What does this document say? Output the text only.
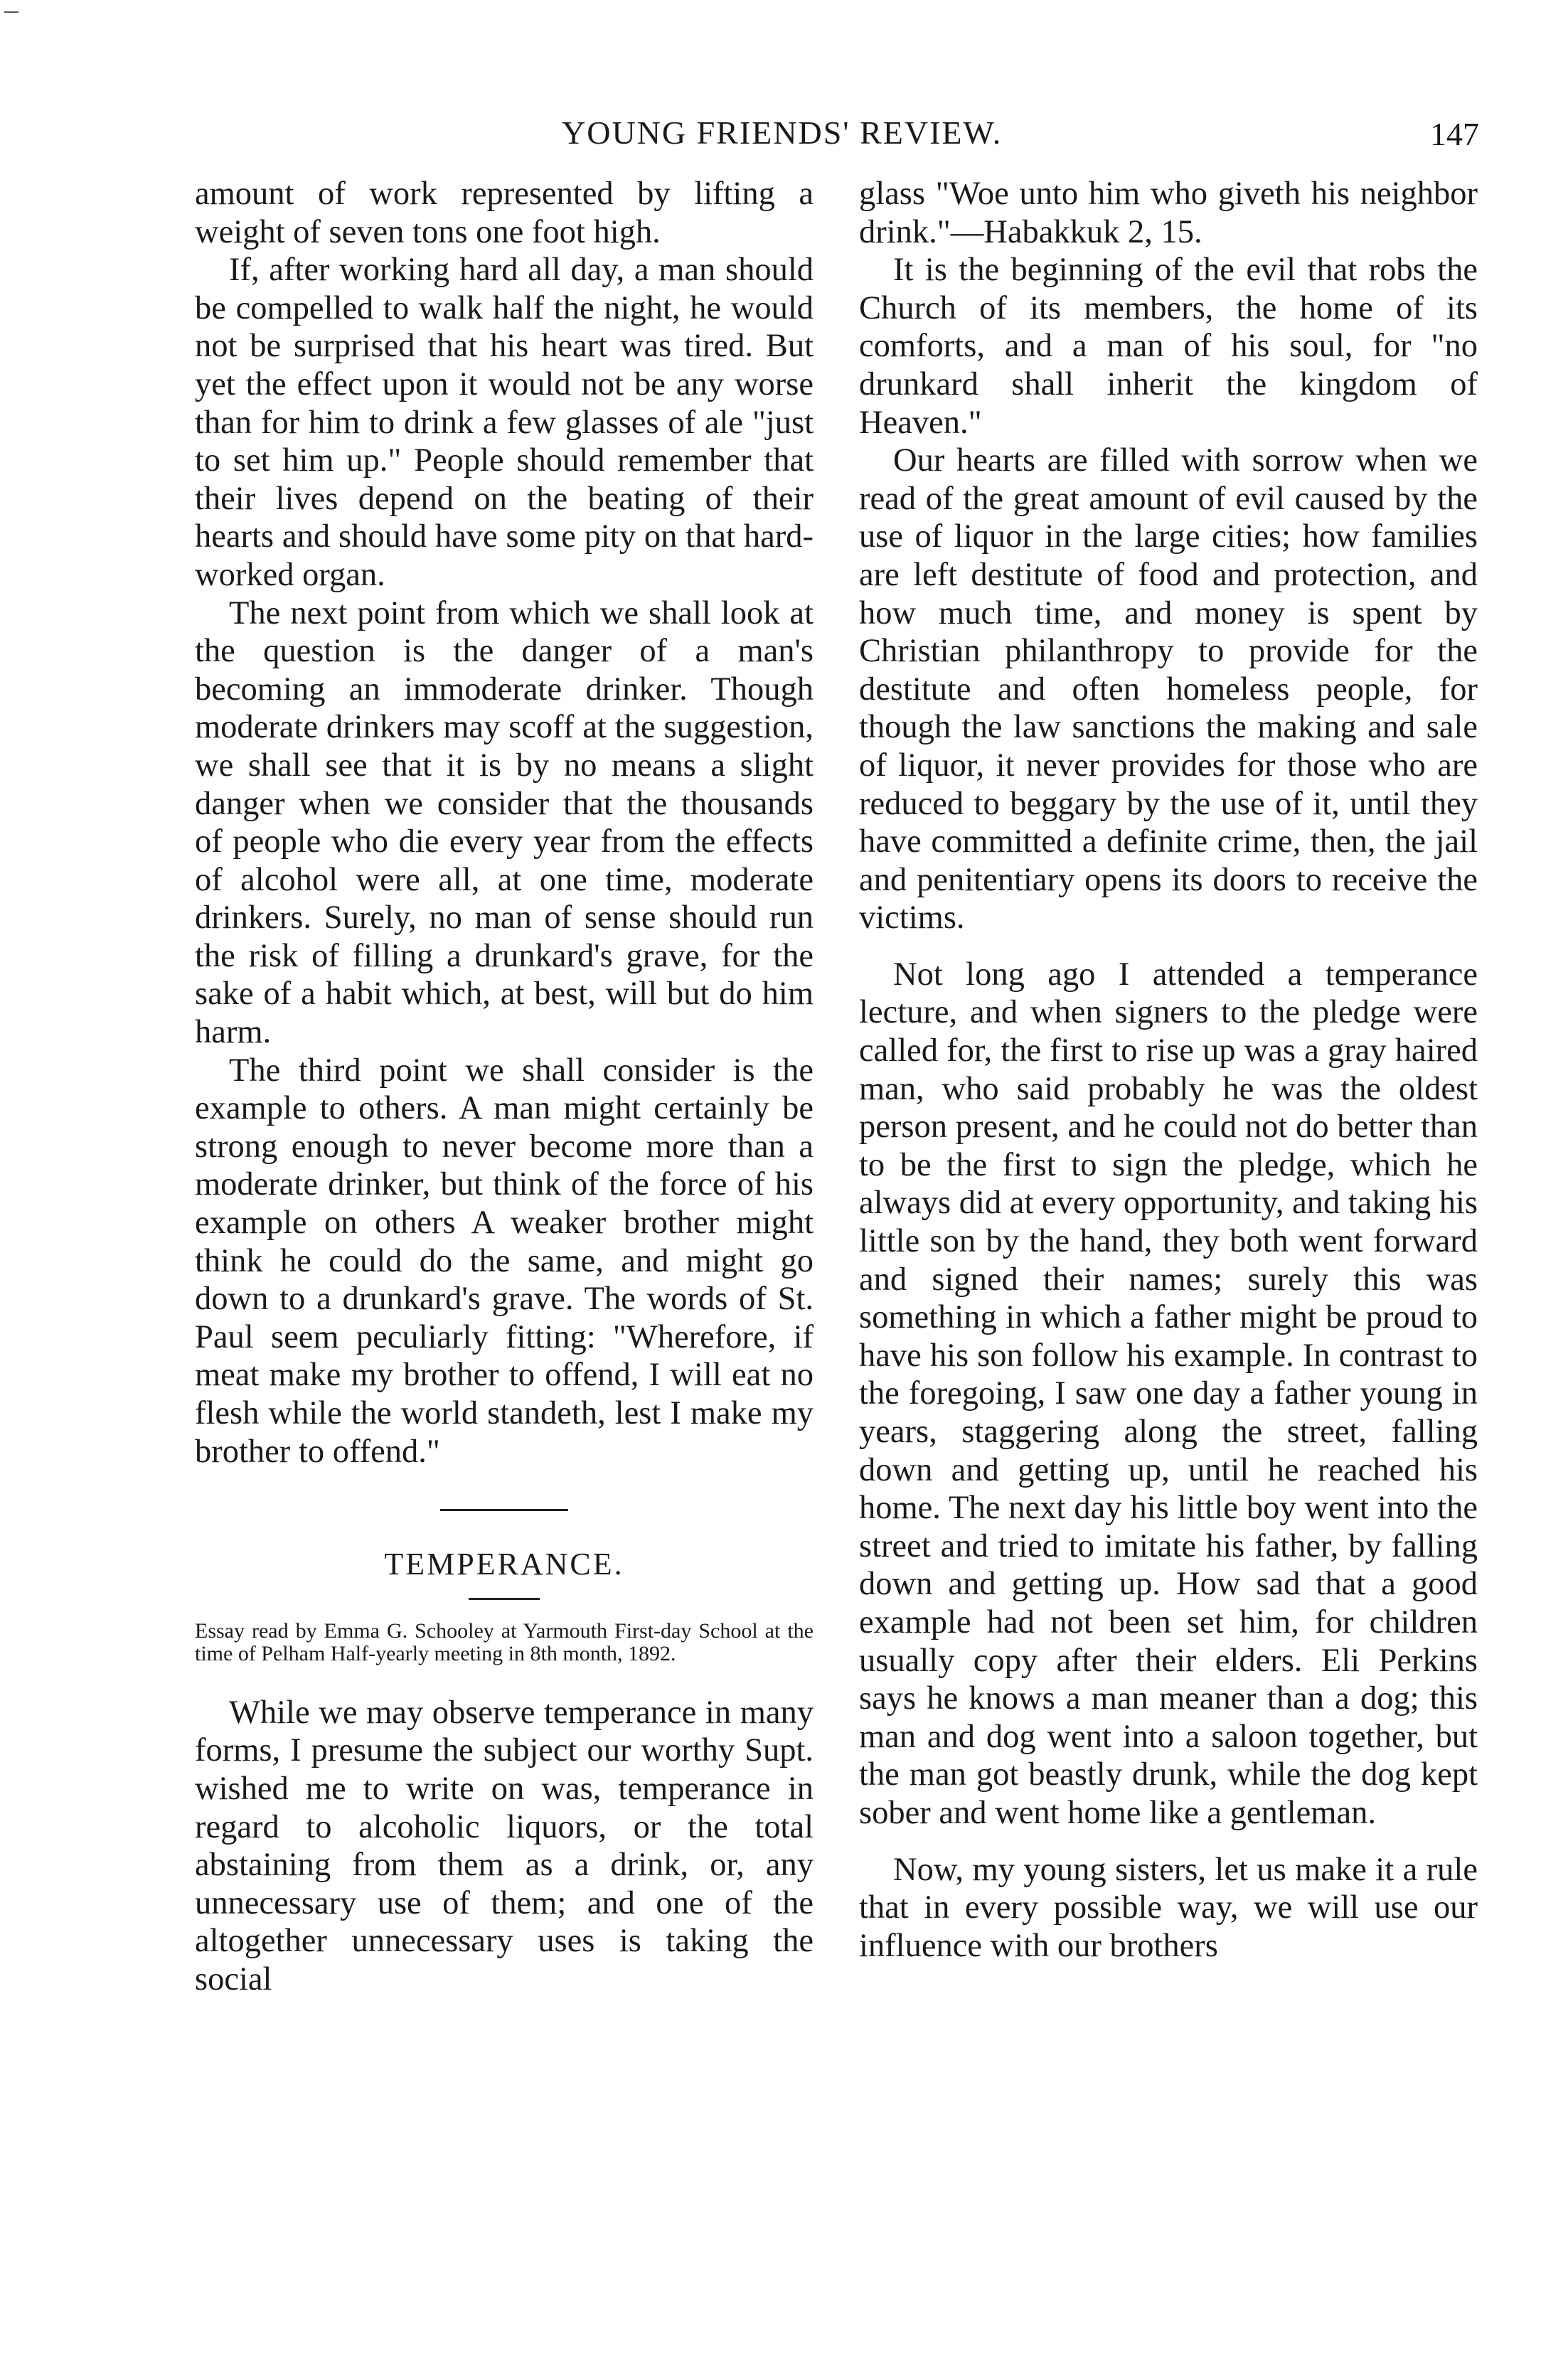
YOUNG FRIENDS' REVIEW.	147

amount of work represented by lifting a weight of seven tons one foot high.

If, after working hard all day, a man should be compelled to walk half the night, he would not be surprised that his heart was tired. But yet the effect upon it would not be any worse than for him to drink a few glasses of ale "just to set him up." People should remember that their lives depend on the beating of their hearts and should have some pity on that hard-worked organ.

The next point from which we shall look at the question is the danger of a man's becoming an immoderate drinker. Though moderate drinkers may scoff at the suggestion, we shall see that it is by no means a slight danger when we consider that the thousands of people who die every year from the effects of alcohol were all, at one time, moderate drinkers. Surely, no man of sense should run the risk of filling a drunkard's grave, for the sake of a habit which, at best, will but do him harm.

The third point we shall consider is the example to others. A man might certainly be strong enough to never become more than a moderate drinker, but think of the force of his example on others A weaker brother might think he could do the same, and might go down to a drunkard's grave. The words of St. Paul seem peculiarly fitting: "Wherefore, if meat make my brother to offend, I will eat no flesh while the world standeth, lest I make my brother to offend."

TEMPERANCE.
Essay read by Emma G. Schooley at Yarmouth First-day School at the time of Pelham Half-yearly meeting in 8th month, 1892.

While we may observe temperance in many forms, I presume the subject our worthy Supt. wished me to write on was, temperance in regard to alcoholic liquors, or the total abstaining from them as a drink, or, any unnecessary use of them; and one of the altogether unnecessary uses is taking the social

glass "Woe unto him who giveth his neighbor drink."—Habakkuk 2, 15.

It is the beginning of the evil that robs the Church of its members, the home of its comforts, and a man of his soul, for "no drunkard shall inherit the kingdom of Heaven."

Our hearts are filled with sorrow when we read of the great amount of evil caused by the use of liquor in the large cities; how families are left destitute of food and protection, and how much time, and money is spent by Christian philanthropy to provide for the destitute and often homeless people, for though the law sanctions the making and sale of liquor, it never provides for those who are reduced to beggary by the use of it, until they have committed a definite crime, then, the jail and penitentiary opens its doors to receive the victims.

Not long ago I attended a temperance lecture, and when signers to the pledge were called for, the first to rise up was a gray haired man, who said probably he was the oldest person present, and he could not do better than to be the first to sign the pledge, which he always did at every opportunity, and taking his little son by the hand, they both went forward and signed their names; surely this was something in which a father might be proud to have his son follow his example. In contrast to the foregoing, I saw one day a father young in years, staggering along the street, falling down and getting up, until he reached his home. The next day his little boy went into the street and tried to imitate his father, by falling down and getting up. How sad that a good example had not been set him, for children usually copy after their elders. Eli Perkins says he knows a man meaner than a dog; this man and dog went into a saloon together, but the man got beastly drunk, while the dog kept sober and went home like a gentleman.

Now, my young sisters, let us make it a rule that in every possible way, we will use our influence with our brothers
